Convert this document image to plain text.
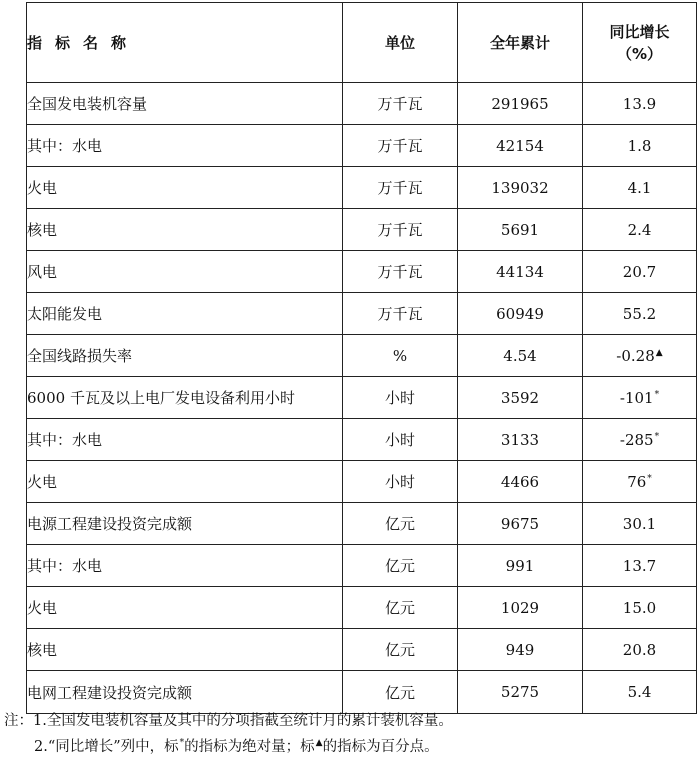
指标名称	单位	全年累计	同比增长
（%）

全国发电装机容量	万千瓦	291965	13.9
其中：水电	万千瓦	42154	1.8
火电	万千瓦	139032	4.1
核电	万千瓦	5691	2.4
风电	万千瓦	44134	20.7
太阳能发电	万千瓦	60949	55.2
全国线路损失率	%	4.54	-0.28▲
6000 千瓦及以上电厂发电设备利用小时	小时	3592	-101*
其中：水电	小时	3133	-285*
火电	小时	4466	76*
电源工程建设投资完成额	亿元	9675	30.1
其中：水电	亿元	991	13.7
火电	亿元	1029	15.0
核电	亿元	949	20.8
电网工程建设投资完成额	亿元	5275	5.4
注：1.全国发电装机容量及其中的分项指截至统计月的累计装机容量。
2.“同比增长”列中，标*的指标为绝对量；标▲的指标为百分点。
